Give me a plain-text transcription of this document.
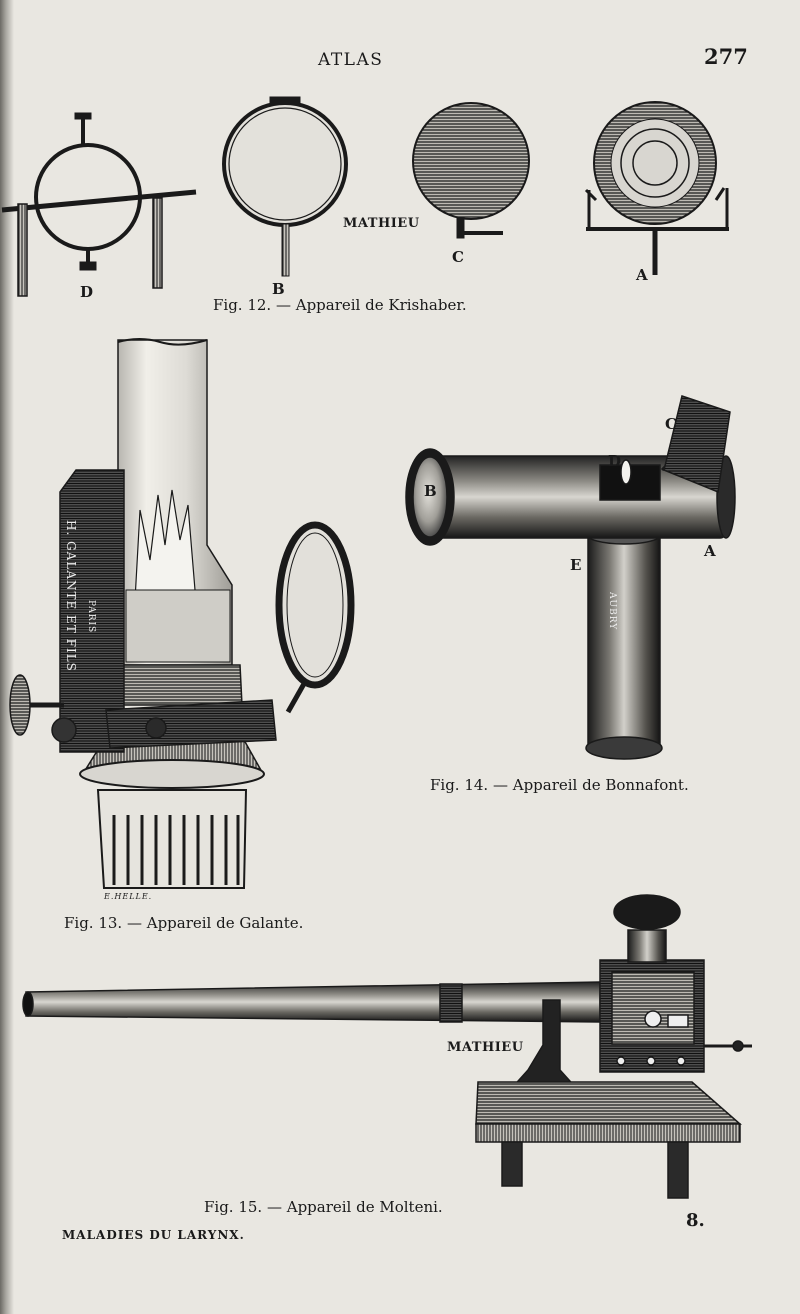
ATLAS	277
D	B
MATHIEU
C
A
Fig. 12. — Appareil de Krishaber.
H. GALANTE ET FILS PARIS
E.HELLE.
Fig. 13. — Appareil de Galante.
C
D
B
A
E
AUBRY
Fig. 14. — Appareil de Bonnafont.
MATHIEU
Fig. 15. — Appareil de Molteni.
8.
MALADIES DU LARYNX.
